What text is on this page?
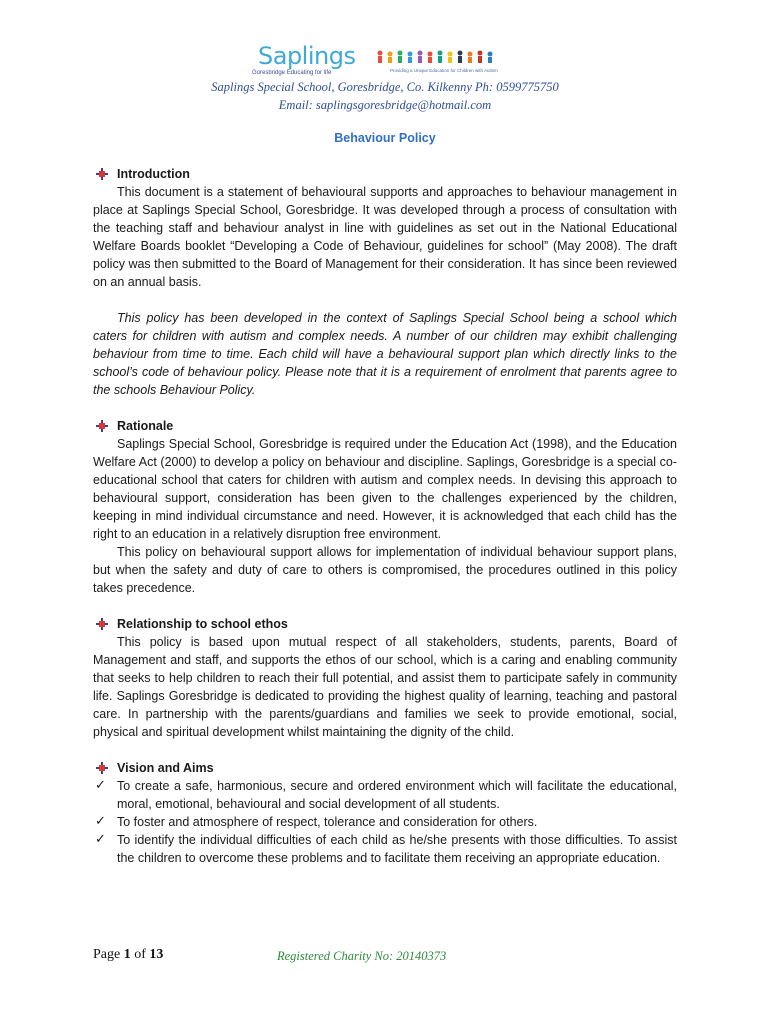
Saplings
Goresbridge Educating for life	Providing a Unique Education for Children with Autism
Saplings Special School, Goresbridge, Co. Kilkenny Ph: 0599775750
Email: saplingsgoresbridge@hotmail.com
Behaviour Policy
Introduction

This document is a statement of behavioural supports and approaches to behaviour management in place at Saplings Special School, Goresbridge. It was developed through a process of consultation with the teaching staff and behaviour analyst in line with guidelines as set out in the National Educational Welfare Boards booklet “Developing a Code of Behaviour, guidelines for school” (May 2008). The draft policy was then submitted to the Board of Management for their consideration. It has since been reviewed on an annual basis.

This policy has been developed in the context of Saplings Special School being a school which caters for children with autism and complex needs. A number of our children may exhibit challenging behaviour from time to time. Each child will have a behavioural support plan which directly links to the school’s code of behaviour policy. Please note that it is a requirement of enrolment that parents agree to the schools Behaviour Policy.

Rationale

Saplings Special School, Goresbridge is required under the Education Act (1998), and the Education Welfare Act (2000) to develop a policy on behaviour and discipline. Saplings, Goresbridge is a special co-educational school that caters for children with autism and complex needs. In devising this approach to behavioural support, consideration has been given to the challenges experienced by the children, keeping in mind individual circumstance and need. However, it is acknowledged that each child has the right to an education in a relatively disruption free environment.

This policy on behavioural support allows for implementation of individual behaviour support plans, but when the safety and duty of care to others is compromised, the procedures outlined in this policy takes precedence.

Relationship to school ethos

This policy is based upon mutual respect of all stakeholders, students, parents, Board of Management and staff, and supports the ethos of our school, which is a caring and enabling community that seeks to help children to reach their full potential, and assist them to participate safely in community life. Saplings Goresbridge is dedicated to providing the highest quality of learning, teaching and pastoral care. In partnership with the parents/guardians and families we seek to provide emotional, social, physical and spiritual development whilst maintaining the dignity of the child.

Vision and Aims
✓ To create a safe, harmonious, secure and ordered environment which will facilitate the educational, moral, emotional, behavioural and social development of all students.
✓ To foster and atmosphere of respect, tolerance and consideration for others.
✓ To identify the individual difficulties of each child as he/she presents with those difficulties. To assist the children to overcome these problems and to facilitate them receiving an appropriate education.
Page 1 of 13	Registered Charity No: 20140373
